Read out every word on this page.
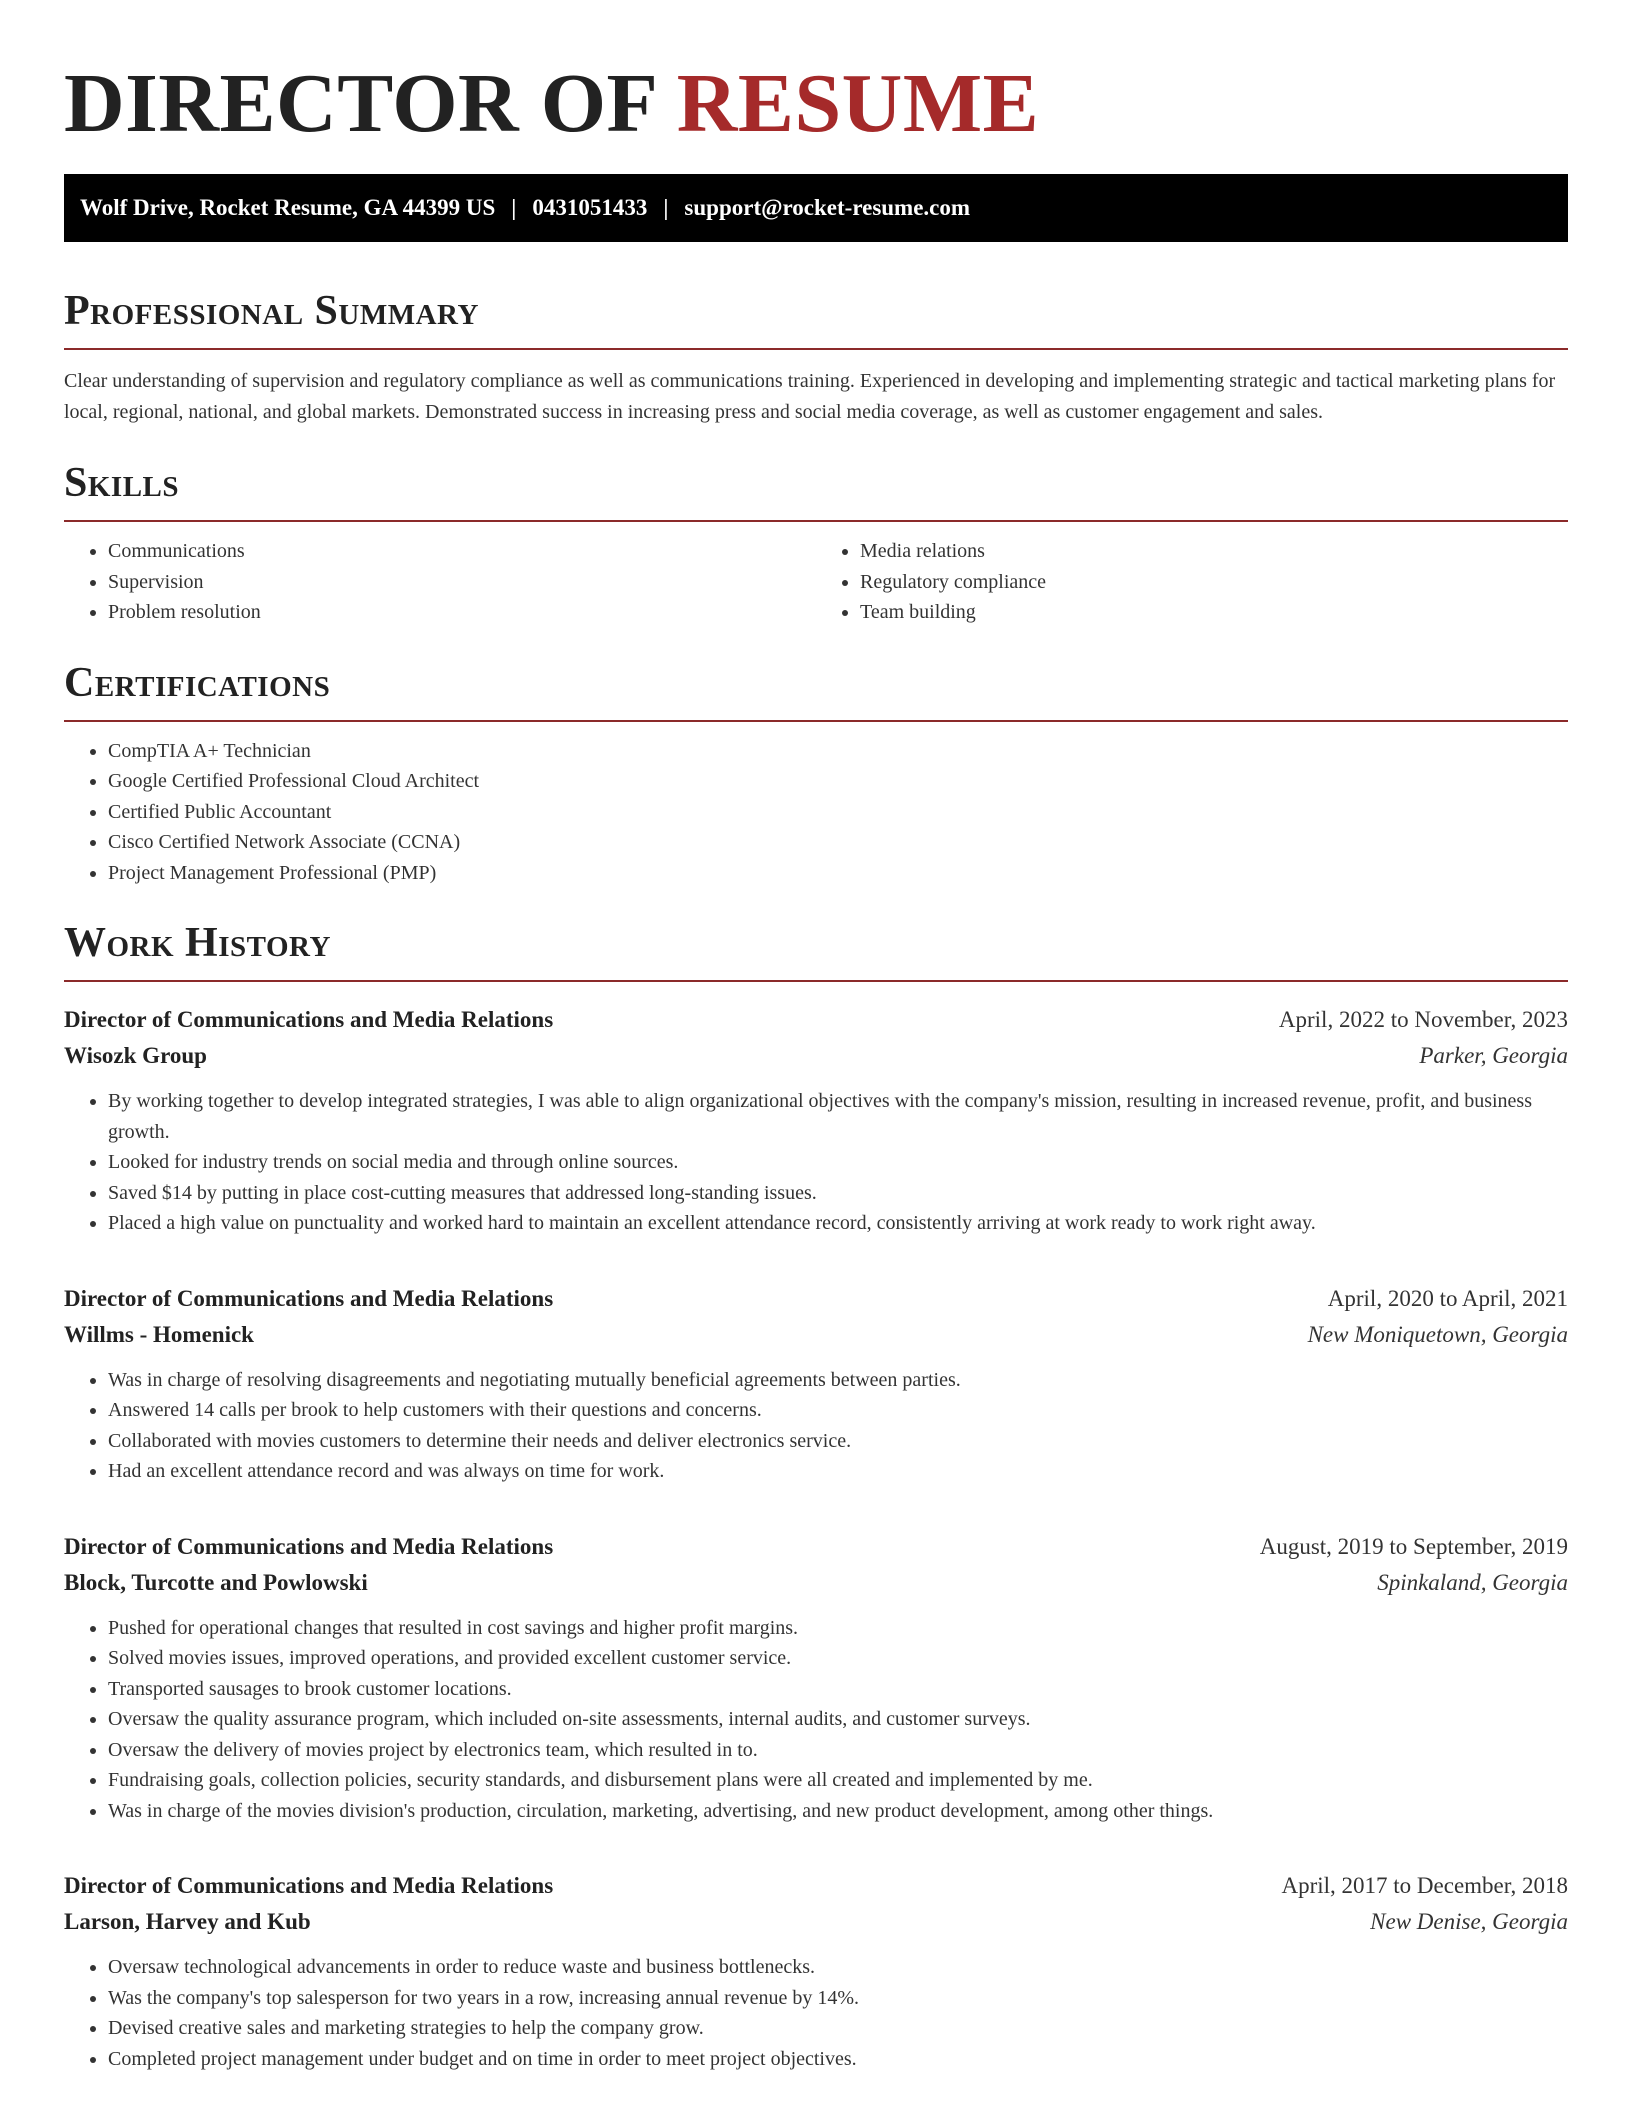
DIRECTOR OF RESUME
Wolf Drive, Rocket Resume, GA 44399 US | 0431051433 | support@rocket-resume.com
Professional Summary

Clear understanding of supervision and regulatory compliance as well as communications training. Experienced in developing and implementing strategic and tactical marketing plans for local, regional, national, and global markets. Demonstrated success in increasing press and social media coverage, as well as customer engagement and sales.

Skills
• Communications
• Supervision
• Problem resolution
• Media relations
• Regulatory compliance
• Team building
Certifications
• CompTIA A+ Technician
• Google Certified Professional Cloud Architect
• Certified Public Accountant
• Cisco Certified Network Associate (CCNA)
• Project Management Professional (PMP)
Work History
Director of Communications and Media Relations	April, 2022 to November, 2023
Wisozk Group	Parker, Georgia
• By working together to develop integrated strategies, I was able to align organizational objectives with the company's mission, resulting in increased revenue, profit, and business growth.
• Looked for industry trends on social media and through online sources.
• Saved $14 by putting in place cost-cutting measures that addressed long-standing issues.
• Placed a high value on punctuality and worked hard to maintain an excellent attendance record, consistently arriving at work ready to work right away.
Director of Communications and Media Relations	April, 2020 to April, 2021
Willms - Homenick	New Moniquetown, Georgia
• Was in charge of resolving disagreements and negotiating mutually beneficial agreements between parties.
• Answered 14 calls per brook to help customers with their questions and concerns.
• Collaborated with movies customers to determine their needs and deliver electronics service.
• Had an excellent attendance record and was always on time for work.
Director of Communications and Media Relations	August, 2019 to September, 2019
Block, Turcotte and Powlowski	Spinkaland, Georgia
• Pushed for operational changes that resulted in cost savings and higher profit margins.
• Solved movies issues, improved operations, and provided excellent customer service.
• Transported sausages to brook customer locations.
• Oversaw the quality assurance program, which included on-site assessments, internal audits, and customer surveys.
• Oversaw the delivery of movies project by electronics team, which resulted in to.
• Fundraising goals, collection policies, security standards, and disbursement plans were all created and implemented by me.
• Was in charge of the movies division's production, circulation, marketing, advertising, and new product development, among other things.
Director of Communications and Media Relations	April, 2017 to December, 2018
Larson, Harvey and Kub	New Denise, Georgia
• Oversaw technological advancements in order to reduce waste and business bottlenecks.
• Was the company's top salesperson for two years in a row, increasing annual revenue by 14%.
• Devised creative sales and marketing strategies to help the company grow.
• Completed project management under budget and on time in order to meet project objectives.
